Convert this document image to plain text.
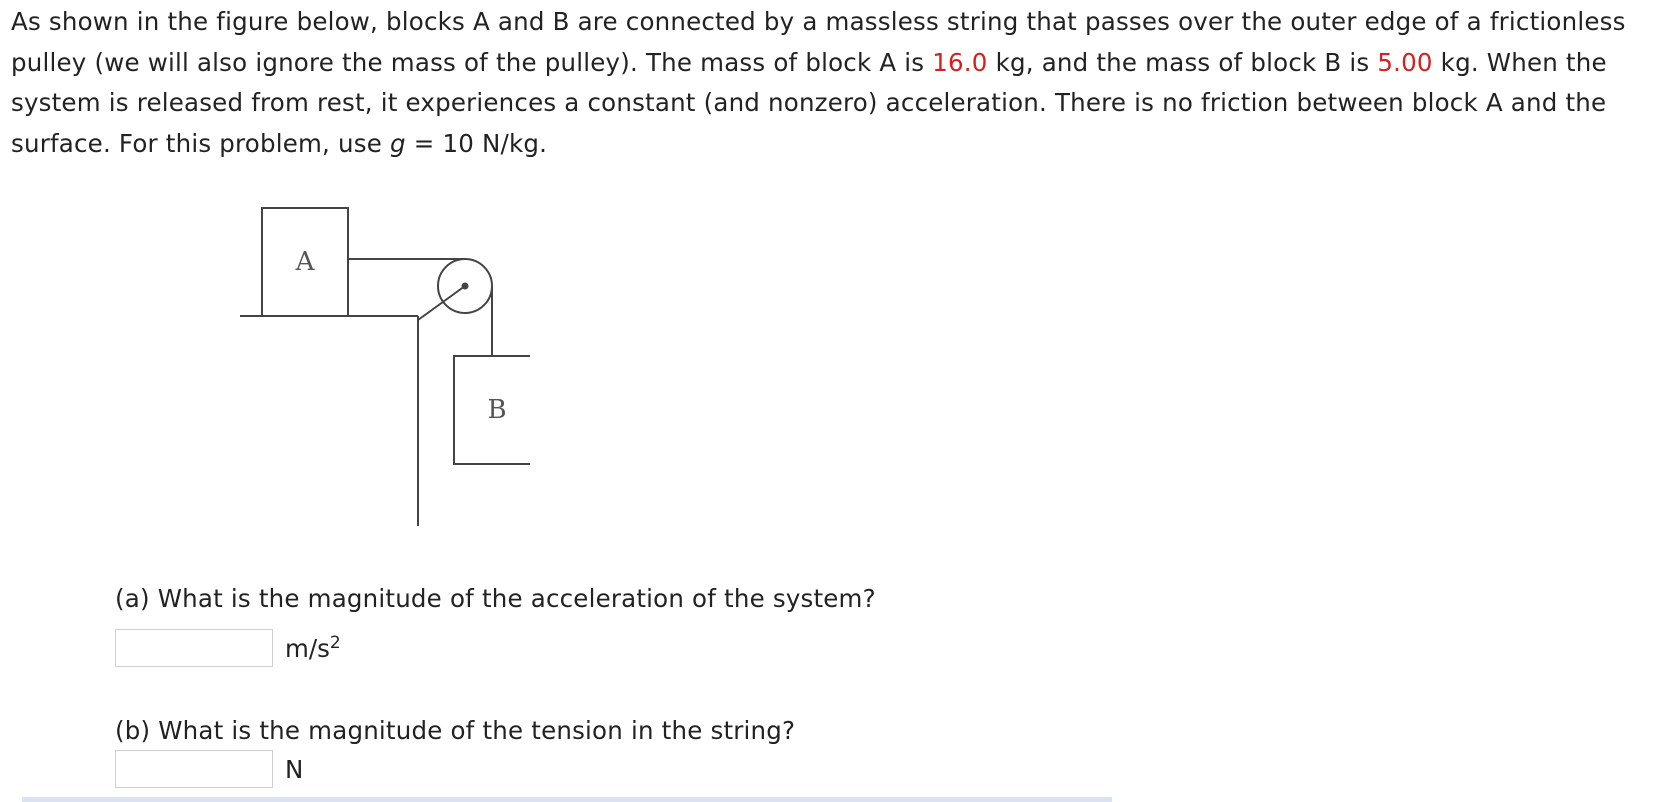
As shown in the figure below, blocks A and B are connected by a massless string that passes over the outer edge of a frictionless pulley (we will also ignore the mass of the pulley). The mass of block A is 16.0 kg, and the mass of block B is 5.00 kg. When the system is released from rest, it experiences a constant (and nonzero) acceleration. There is no friction between block A and the surface. For this problem, use g = 10 N/kg.

A
B

(a) What is the magnitude of the acceleration of the system?

$m/s^2$

(b) What is the magnitude of the tension in the string?

N
